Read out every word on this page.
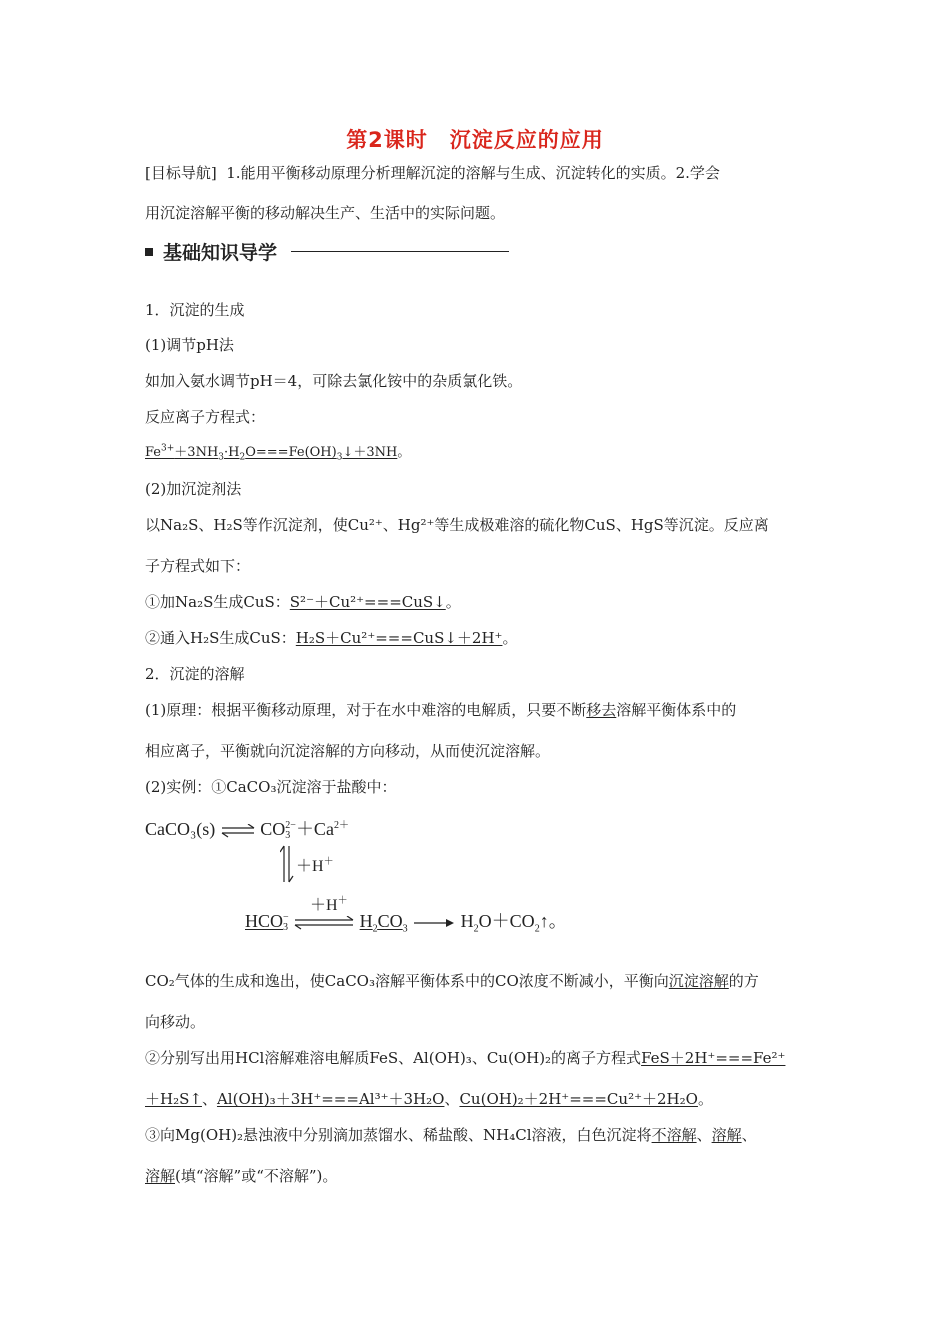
第2课时　沉淀反应的应用
[目标导航] 1.能用平衡移动原理分析理解沉淀的溶解与生成、沉淀转化的实质。2.学会
用沉淀溶解平衡的移动解决生产、生活中的实际问题。
基础知识导学
1．沉淀的生成
(1)调节pH法
如加入氨水调节pH＝4，可除去氯化铵中的杂质氯化铁。
反应离子方程式：
$Fe^{3+}+3NH_3\cdot H_2O===Fe(OH)_3↓+3NH$。
(2)加沉淀剂法
以Na₂S、H₂S等作沉淀剂，使Cu²⁺、Hg²⁺等生成极难溶的硫化物CuS、HgS等沉淀。反应离
子方程式如下：
①加Na₂S生成CuS：S²⁻＋Cu²⁺===CuS↓。
②通入H₂S生成CuS：H₂S＋Cu²⁺===CuS↓＋2H⁺。
2．沉淀的溶解
(1)原理：根据平衡移动原理，对于在水中难溶的电解质，只要不断移去溶解平衡体系中的
相应离子，平衡就向沉淀溶解的方向移动，从而使沉淀溶解。
(2)实例：①CaCO₃沉淀溶于盐酸中：
CaCO₃(s) ⇌ CO 2−
$3 +Ca^{2+}$
＋H＋
＋H＋
HCO −
3	$H_2CO_3$	$H_2O+CO_2↑$。
CO₂气体的生成和逸出，使CaCO₃溶解平衡体系中的CO浓度不断减小，平衡向沉淀溶解的方
向移动。
②分别写出用HCl溶解难溶电解质FeS、Al(OH)₃、Cu(OH)₂的离子方程式FeS＋2H⁺===Fe²⁺
＋H₂S↑、Al(OH)₃＋3H⁺===Al³⁺＋3H₂O、Cu(OH)₂＋2H⁺===Cu²⁺＋2H₂O。
③向Mg(OH)₂悬浊液中分别滴加蒸馏水、稀盐酸、NH₄Cl溶液，白色沉淀将不溶解、溶解、
溶解(填“溶解”或“不溶解”)。
